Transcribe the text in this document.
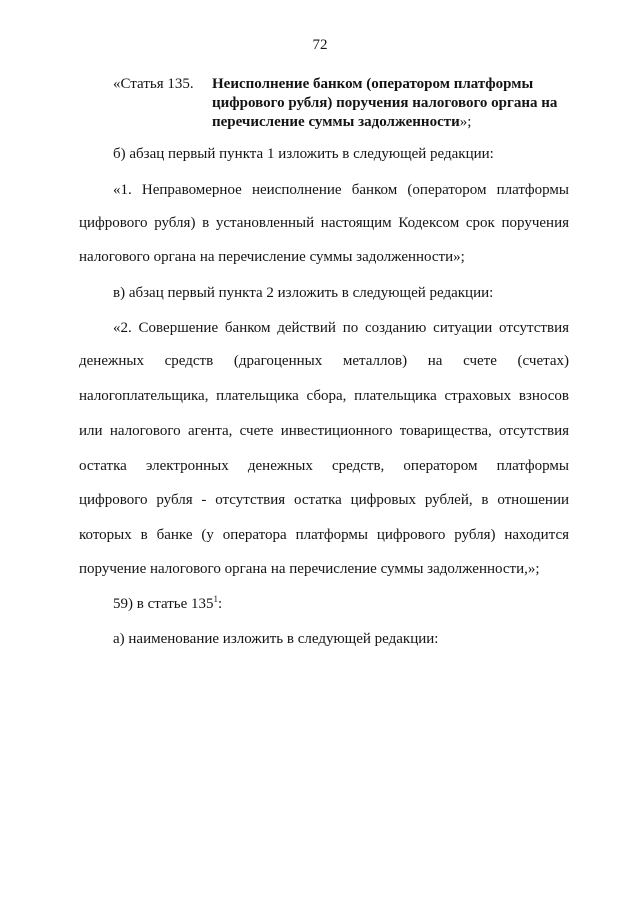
72
«Статья 135. Неисполнение банком (оператором платформы
цифрового рубля) поручения налогового органа на
перечисление суммы задолженности»;
б) абзац первый пункта 1 изложить в следующей редакции:
«1. Неправомерное неисполнение банком (оператором платформы
цифрового рубля) в установленный настоящим Кодексом срок поручения
налогового органа на перечисление суммы задолженности»;
в) абзац первый пункта 2 изложить в следующей редакции:
«2. Совершение банком действий по созданию ситуации отсутствия
денежных средств (драгоценных металлов) на счете (счетах)
налогоплательщика, плательщика сбора, плательщика страховых взносов
или налогового агента, счете инвестиционного товарищества, отсутствия
остатка электронных денежных средств, оператором платформы
цифрового рубля - отсутствия остатка цифровых рублей, в отношении
которых в банке (у оператора платформы цифрового рубля) находится
поручение налогового органа на перечисление суммы задолженности,»;
59) в статье $135^1$:
а) наименование изложить в следующей редакции:
